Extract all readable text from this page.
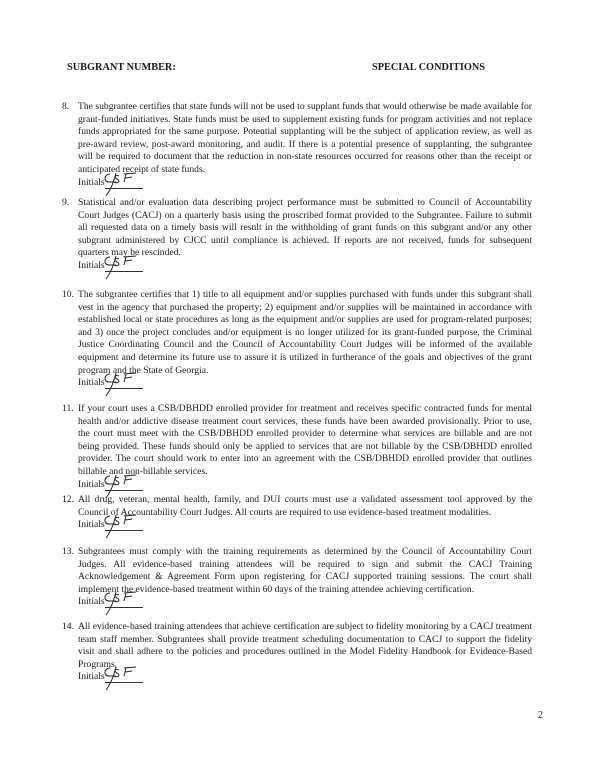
SUBGRANT NUMBER:	SPECIAL CONDITIONS
8. The subgrantee certifies that state funds will not be used to supplant funds that would otherwise be made available for grant-funded initiatives. State funds must be used to supplement existing funds for program activities and not replace funds appropriated for the same purpose. Potential supplanting will be the subject of application review, as well as pre-award review, post-award monitoring, and audit. If there is a potential presence of supplanting, the subgrantee will be required to document that the reduction in non-state resources occurred for reasons other than the receipt or anticipated receipt of state funds.
Initials
9. Statistical and/or evaluation data describing project performance must be submitted to Council of Accountability Court Judges (CACJ) on a quarterly basis using the proscribed format provided to the Subgrantee. Failure to submit all requested data on a timely basis will result in the withholding of grant funds on this subgrant and/or any other subgrant administered by CJCC until compliance is achieved. If reports are not received, funds for subsequent quarters may be rescinded.
Initials
10. The subgrantee certifies that 1) title to all equipment and/or supplies purchased with funds under this subgrant shall vest in the agency that purchased the property; 2) equipment and/or supplies will be maintained in accordance with established local or state procedures as long as the equipment and/or supplies are used for program-related purposes; and 3) once the project concludes and/or equipment is no longer utilized for its grant-funded purpose, the Criminal Justice Coordinating Council and the Council of Accountability Court Judges will be informed of the available equipment and determine its future use to assure it is utilized in furtherance of the goals and objectives of the grant program and the State of Georgia.
Initials
11. If your court uses a CSB/DBHDD enrolled provider for treatment and receives specific contracted funds for mental health and/or addictive disease treatment court services, these funds have been awarded provisionally. Prior to use, the court must meet with the CSB/DBHDD enrolled provider to determine what services are billable and are not being provided. These funds should only be applied to services that are not billable by the CSB/DBHDD enrolled provider. The court should work to enter into an agreement with the CSB/DBHDD enrolled provider that outlines billable and non-billable services.
Initials
12. All drug, veteran, mental health, family, and DUI courts must use a validated assessment tool approved by the Council of Accountability Court Judges. All courts are required to use evidence-based treatment modalities.
Initials
13. Subgrantees must comply with the training requirements as determined by the Council of Accountability Court Judges. All evidence-based training attendees will be required to sign and submit the CACJ Training Acknowledgement & Agreement Form upon registering for CACJ supported training sessions. The court shall implement the evidence-based treatment within 60 days of the training attendee achieving certification.
Initials
14. All evidence-based training attendees that achieve certification are subject to fidelity monitoring by a CACJ treatment team staff member. Subgrantees shall provide treatment scheduling documentation to CACJ to support the fidelity visit and shall adhere to the policies and procedures outlined in the Model Fidelity Handbook for Evidence-Based Programs.
Initials
2
